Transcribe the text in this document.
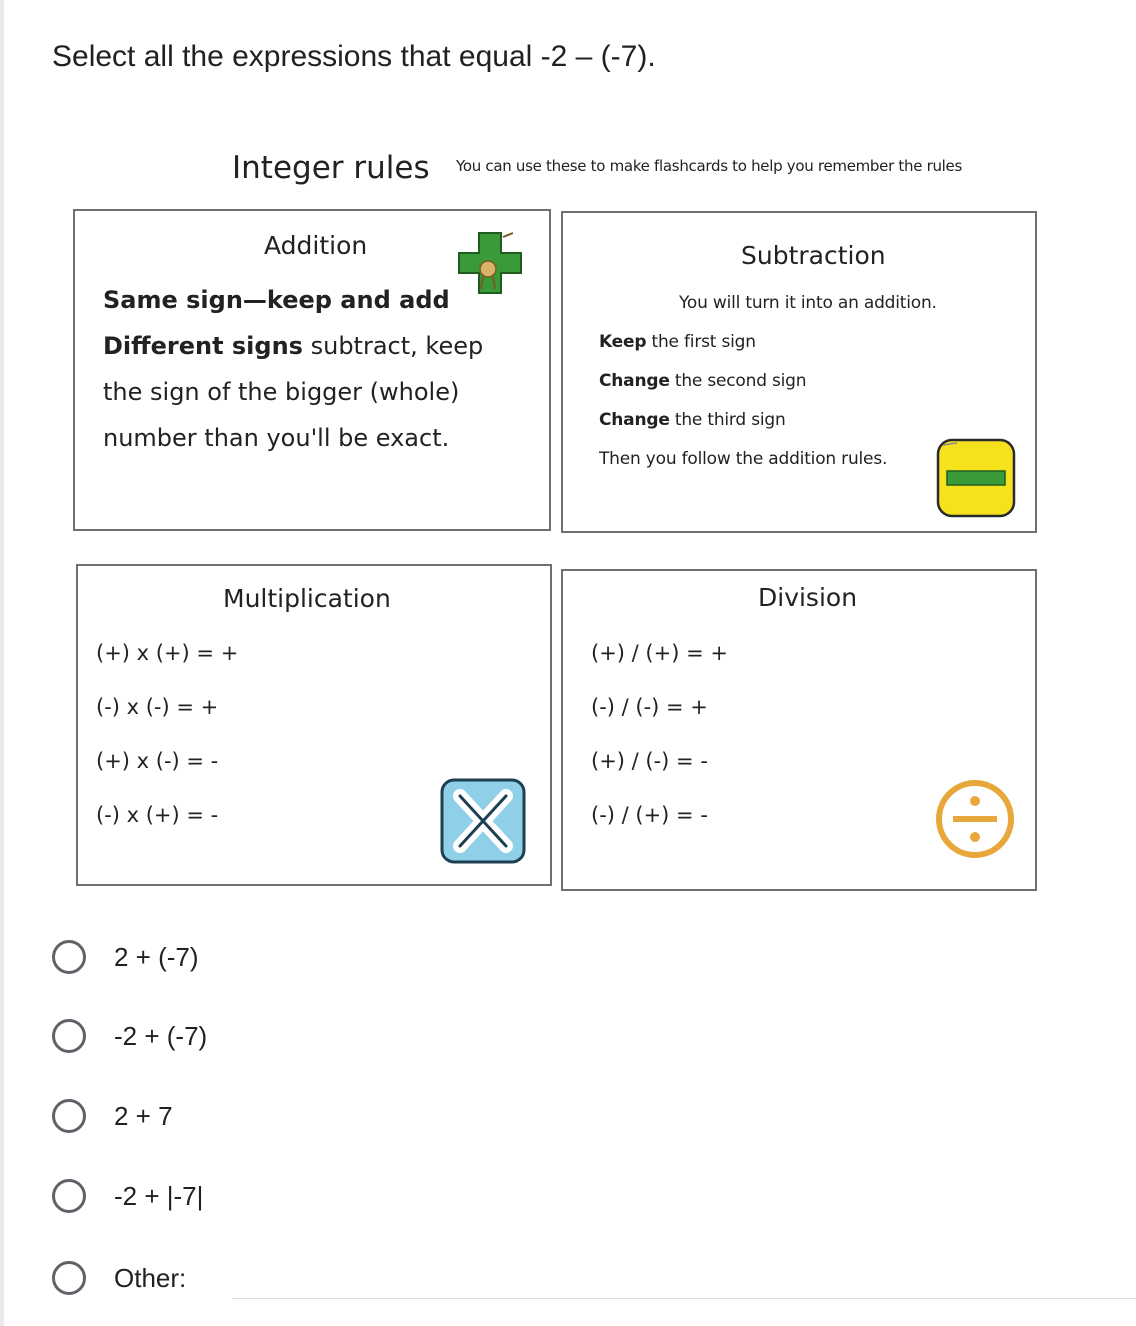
Select all the expressions that equal -2 – (-7).
Integer rules You can use these to make flashcards to help you remember the rules
Addition
Same sign—keep and add
Different signs subtract, keep
the sign of the bigger (whole)
number than you'll be exact.
Subtraction
You will turn it into an addition.
Keep the first sign
Change the second sign
Change the third sign
Then you follow the addition rules.
Multiplication
(+) x (+) = +
(-) x (-) = +
(+) x (-) = -
(-) x (+) = -
Division
(+) / (+) = +
(-) / (-) = +
(+) / (-) = -
(-) / (+) = -
2 + (-7)
-2 + (-7)
2 + 7
-2 + |-7|
Other:
